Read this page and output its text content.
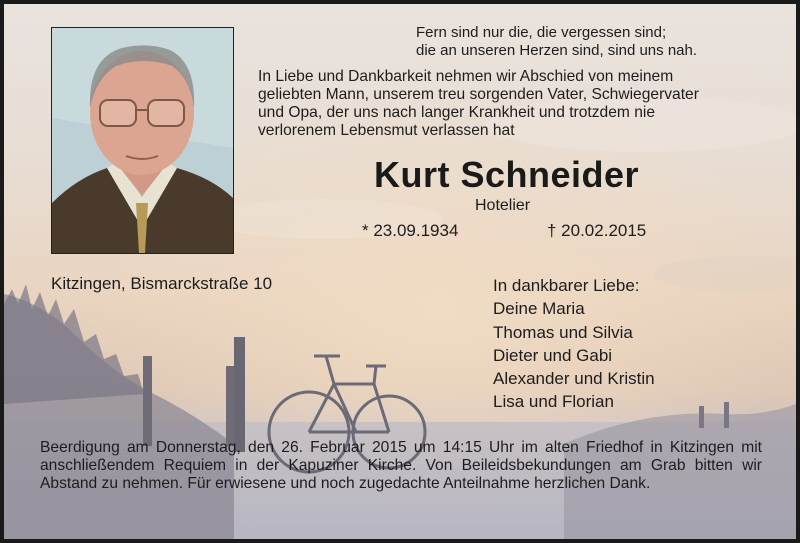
Fern sind nur die, die vergessen sind;
die an unseren Herzen sind, sind uns nah.
In Liebe und Dankbarkeit nehmen wir Abschied von meinem
geliebten Mann, unserem treu sorgenden Vater, Schwiegervater
und Opa, der uns nach langer Krankheit und trotzdem nie
verlorenem Lebensmut verlassen hat
Kurt Schneider
Hotelier
* 23.09.1934	† 20.02.2015
Kitzingen, Bismarckstraße 10	In dankbarer Liebe:
Deine Maria
Thomas und Silvia
Dieter und Gabi
Alexander und Kristin
Lisa und Florian
Beerdigung am Donnerstag, den 26. Februar 2015 um 14:15 Uhr im alten Friedhof in Kitzingen mit anschließendem Requiem in der Kapuziner Kirche. Von Beileidsbekundungen am Grab bitten wir Abstand zu nehmen. Für erwiesene und noch zugedachte Anteilnahme herzlichen Dank.
